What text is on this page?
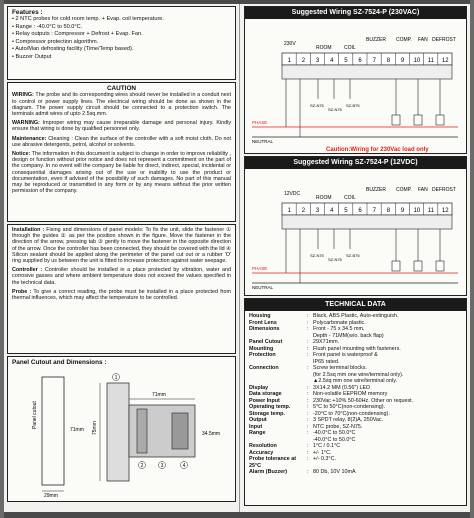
Features :
• 2 NTC probes for cold room temp. + Evap. coil temperature.
• Range : -40.0°C to 50.0°C.
• Relay outputs : Compressor + Defrost + Evap. Fan.
• Compressor protection algorithm.
• Auto/Man defrosting facility (Time/Temp based).
• Buzzer Output
CAUTION
WIRING: The probe and its corresponding wires should never be installed in a conduit next to control or power supply lines. The electrical wiring should be done as shown in the diagram. The power supply circuit should be connected to a protection switch. The terminals admit wires of upto 2.5sq.mm.
WARNING: Improper wiring may cause irreparable damage and personal injury. Kindly ensure that wiring is done by qualified personnel only.
Maintenance: Cleaning : Clean the surface of the controller with a soft moist cloth. Do not use abrasive detergents, petrol, alcohol or solvents.
Notice: The information in this document is subject to change in order to improve reliability , design or function without prior notice and does not represent a commitment on the part of the company. In no event will the company be liable for direct, indirect, special, incidental or consequential damages arising out of the use or inability to use the product or documentation, even if advised of the possibility of such damages. No part of this manual may be reproduced or transmitted in any form or by any means without the prior written permission of the company.
Installation : Fixing and dimensions of panel models: To fix the unit, slide the fastener ① through the guides ② as per the position shown in the figure. Move the fastener in the direction of the arrow, pressing tab ③ gently to move the fastener in the opposite direction of the arrow. Once the controller has been connected, they should be covered with the lid ④ Silicon sealant should be applied along the perimeter of the panel cut out or a rubber 'O' ring supplied by us between the unit is fitted to increase protection against water seepage.
Controller : Controller should be installed in a place protected by vibration, water and corrosive gasses and where ambient temperature does not exceed the values specified in the technical data.
Probe : To give a correct reading, the probe must be installed in a place protected from thermal influences, which may affect the temperature to be controlled.
Panel Cutout and Dimensions :
Panel cutout
71mm
29mm
71mm
75mm	34.5mm
1
2	3	4
Suggested Wiring SZ-7524-P (230VAC)
230V
ROOM COIL
BUZZER COMP. FAN DEFROST
1 2 3 4 5 6 7 8 9 10 11 12
SZ-N75
SZ-N75
SZ-B75
PHASE
NEUTRAL
Caution:Wiring for 230Vac load only
Suggested Wiring SZ-7524-P (12VDC)
12VDC
ROOM COIL
BUZZER COMP. FAN DEFROST
1 2 3 4 5 6 7 8 9 10 11 12
SZ-N75
SZ-N75
SZ-B75
PHASE
NEUTRAL
TECHNICAL DATA
Housing	: Black, ABS Plastic, Auto-extinguish.
Front Lens	: Polycarbonate plastic.
Dimensions	: Front - 75 x 34.5 mm,
Depth - 71MM(w/o. back flap)
Panel Cutout	: 29X71mm.
Mounting	: Flush panel mounting with fasteners.
Protection	: Front panel is waterproof &
IP65 rated.
Connection	: Screw terminal blocks.
(for 2.5sq mm one wire/terminal only).
▲2.5sq mm one wire/terminal only.
Display	: 3X14.2 MM (0.56") LED
Data storage	: Non-volatile EEPROM memory
Power Input	: 230Vac +10% 50-60Hz. Other on request.
Operating temp.	: 5°C to 50°C(non-condensing).
Storage temp.	: -20°C to 70°C(non-condensing).
Output	: 3 SPDT relay, 8(2)A, 250Vac.
Input	: NTC probe, SZ-N75.
Range	: -40.0°C to 50.0°C
-40.0°C to 50.0°C
Resolution	: 1°C / 0.1°C
Accuracy	: +/- 1°C.
Probe tolerance at 25°C
: +/- 0.3°C.
Alarm (Buzzer)	: 80 Db, 10V 10mA
